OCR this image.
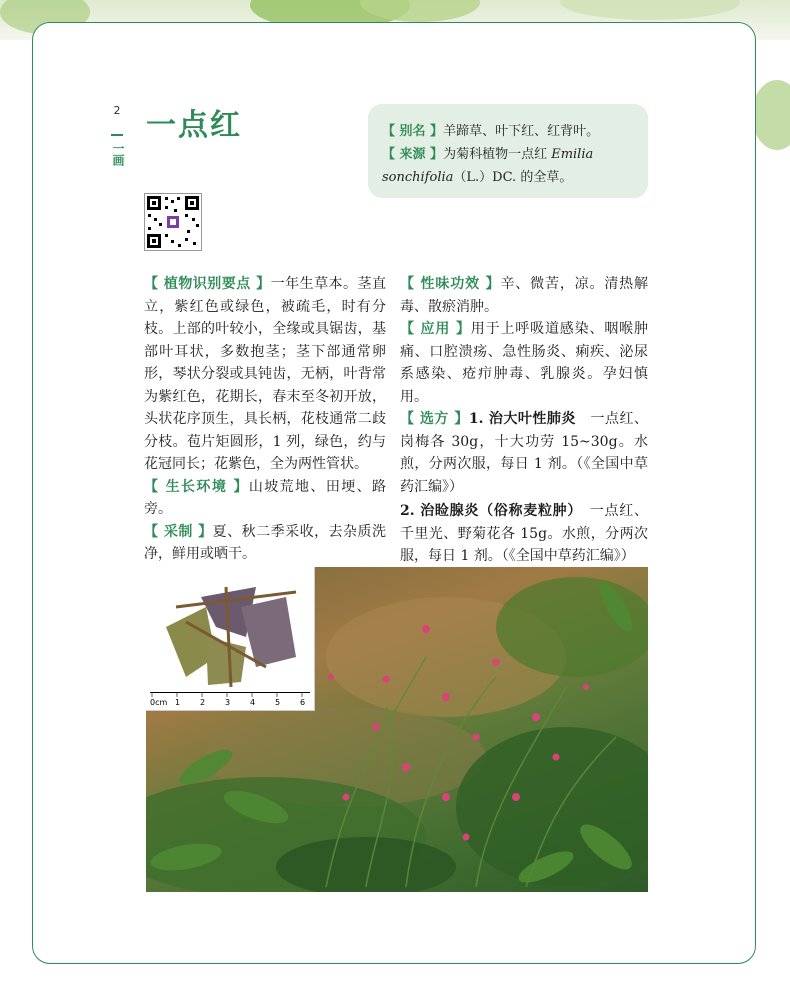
2
一画
一点红	【 别名 】羊蹄草、叶下红、红背叶。
【 来源 】为菊科植物一点红 Emilia sonchifolia（L.）DC. 的全草。

【 植物识别要点 】一年生草本。茎直立，紫红色或绿色，被疏毛，时有分枝。上部的叶较小，全缘或具锯齿，基部叶耳状，多数抱茎；茎下部通常卵形，琴状分裂或具钝齿，无柄，叶背常为紫红色，花期长，春末至冬初开放，头状花序顶生，具长柄，花枝通常二歧分枝。苞片矩圆形，1 列，绿色，约与花冠同长；花紫色，全为两性管状。

【 生长环境 】山坡荒地、田埂、路旁。

【 采制 】夏、秋二季采收，去杂质洗净，鲜用或晒干。

【 性味功效 】辛、微苦，凉。清热解毒、散瘀消肿。

【 应用 】用于上呼吸道感染、咽喉肿痛、口腔溃疡、急性肠炎、痢疾、泌尿系感染、疮疖肿毒、乳腺炎。孕妇慎用。

【 选方 】1. 治大叶性肺炎　 一点红、岗梅各 30g，十大功劳 15~30g。水煎，分两次服，每日 1 剂。（《全国中草药汇编》）

2. 治睑腺炎（俗称麦粒肿）　 一点红、千里光、野菊花各 15g。水煎，分两次服，每日 1 剂。（《全国中草药汇编》）

0cm 1 2 3 4 5 6
